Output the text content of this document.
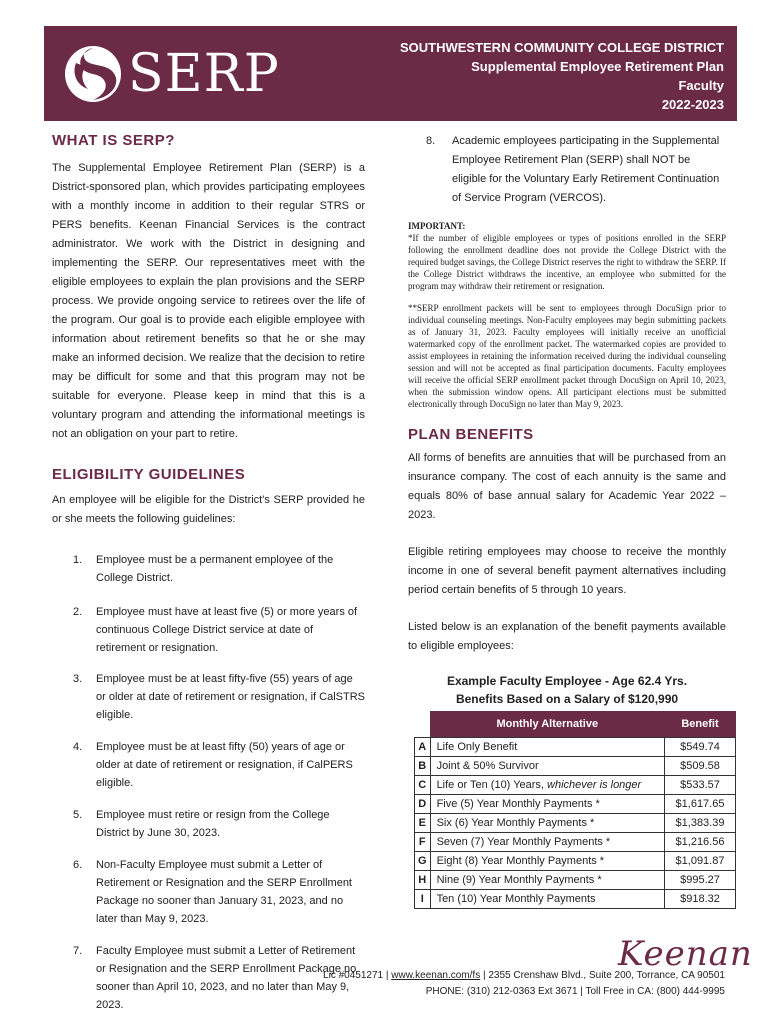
SERP	SOUTHWESTERN COMMUNITY COLLEGE DISTRICT
Supplemental Employee Retirement Plan
Faculty
2022-2023
WHAT IS SERP?
The Supplemental Employee Retirement Plan (SERP) is a District-sponsored plan, which provides participating employees with a monthly income in addition to their regular STRS or PERS benefits. Keenan Financial Services is the contract administrator. We work with the District in designing and implementing the SERP. Our representatives meet with the eligible employees to explain the plan provisions and the SERP process. We provide ongoing service to retirees over the life of the program. Our goal is to provide each eligible employee with information about retirement benefits so that he or she may make an informed decision. We realize that the decision to retire may be difficult for some and that this program may not be suitable for everyone. Please keep in mind that this is a voluntary program and attending the informational meetings is not an obligation on your part to retire.
ELIGIBILITY GUIDELINES
An employee will be eligible for the District's SERP provided he or she meets the following guidelines:
1.	Employee must be a permanent employee of the College District.
2.	Employee must have at least five (5) or more years of continuous College District service at date of retirement or resignation.
3.	Employee must be at least fifty-five (55) years of age or older at date of retirement or resignation, if CalSTRS eligible.
4.	Employee must be at least fifty (50) years of age or older at date of retirement or resignation, if CalPERS eligible.
5.	Employee must retire or resign from the College District by June 30, 2023.
6.	Non-Faculty Employee must submit a Letter of Retirement or Resignation and the SERP Enrollment Package no sooner than January 31, 2023, and no later than May 9, 2023.
7.	Faculty Employee must submit a Letter of Retirement or Resignation and the SERP Enrollment Package no sooner than April 10, 2023, and no later than May 9, 2023.
8.	Academic employees participating in the Supplemental Employee Retirement Plan (SERP) shall NOT be eligible for the Voluntary Early Retirement Continuation of Service Program (VERCOS).
IMPORTANT:
*If the number of eligible employees or types of positions enrolled in the SERP following the enrollment deadline does not provide the College District with the required budget savings, the College District reserves the right to withdraw the SERP. If the College District withdraws the incentive, an employee who submitted for the program may withdraw their retirement or resignation.
**SERP enrollment packets will be sent to employees through DocuSign prior to individual counseling meetings. Non-Faculty employees may begin submitting packets as of January 31, 2023. Faculty employees will initially receive an unofficial watermarked copy of the enrollment packet. The watermarked copies are provided to assist employees in retaining the information received during the individual counseling session and will not be accepted as final participation documents. Faculty employees will receive the official SERP enrollment packet through DocuSign on April 10, 2023, when the submission window opens. All participant elections must be submitted electronically through DocuSign no later than May 9, 2023.
PLAN BENEFITS
All forms of benefits are annuities that will be purchased from an insurance company. The cost of each annuity is the same and equals 80% of base annual salary for Academic Year 2022 – 2023.
Eligible retiring employees may choose to receive the monthly income in one of several benefit payment alternatives including period certain benefits of 5 through 10 years.
Listed below is an explanation of the benefit payments available to eligible employees:
Example Faculty Employee - Age 62.4 Yrs.
Benefits Based on a Salary of $120,990
	Monthly Alternative	Benefit
A	Life Only Benefit	$549.74
B	Joint & 50% Survivor	$509.58
C	Life or Ten (10) Years, whichever is longer	$533.57
D	Five (5) Year Monthly Payments *	$1,617.65
E	Six (6) Year Monthly Payments *	$1,383.39
F	Seven (7) Year Monthly Payments *	$1,216.56
G	Eight (8) Year Monthly Payments *	$1,091.87
H	Nine (9) Year Monthly Payments *	$995.27
I	Ten (10) Year Monthly Payments	$918.32
Keenan
Lic #0451271 | www.keenan.com/fs | 2355 Crenshaw Blvd., Suite 200, Torrance, CA 90501
PHONE: (310) 212-0363 Ext 3671 | Toll Free in CA: (800) 444-9995
